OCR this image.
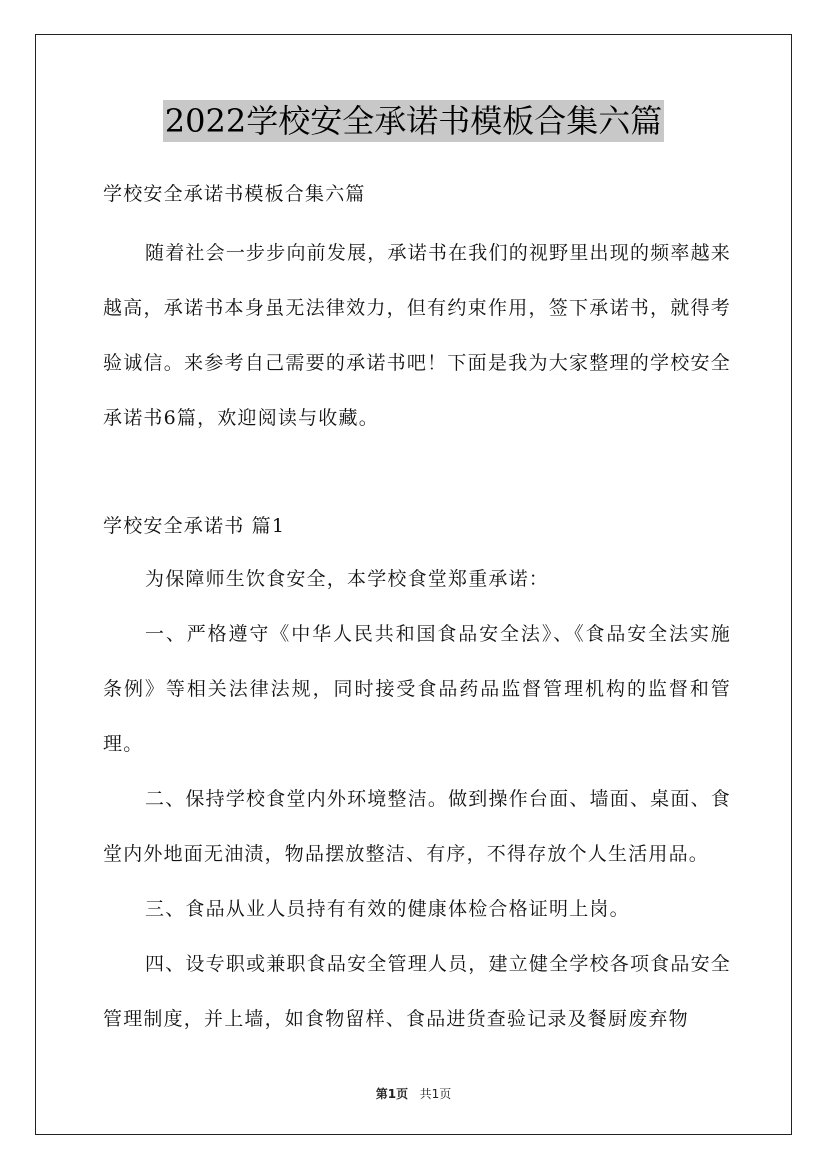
2022学校安全承诺书模板合集六篇

学校安全承诺书模板合集六篇

随着社会一步步向前发展，承诺书在我们的视野里出现的频率越来越高，承诺书本身虽无法律效力，但有约束作用，签下承诺书，就得考验诚信。来参考自己需要的承诺书吧！下面是我为大家整理的学校安全承诺书6篇，欢迎阅读与收藏。

学校安全承诺书 篇1

为保障师生饮食安全，本学校食堂郑重承诺：

一、严格遵守《中华人民共和国食品安全法》、《食品安全法实施条例》等相关法律法规，同时接受食品药品监督管理机构的监督和管理。

二、保持学校食堂内外环境整洁。做到操作台面、墙面、桌面、食堂内外地面无油渍，物品摆放整洁、有序，不得存放个人生活用品。

三、食品从业人员持有有效的健康体检合格证明上岗。

四、设专职或兼职食品安全管理人员，建立健全学校各项食品安全管理制度，并上墙，如食物留样、食品进货查验记录及餐厨废弃物

第1页 共1页
